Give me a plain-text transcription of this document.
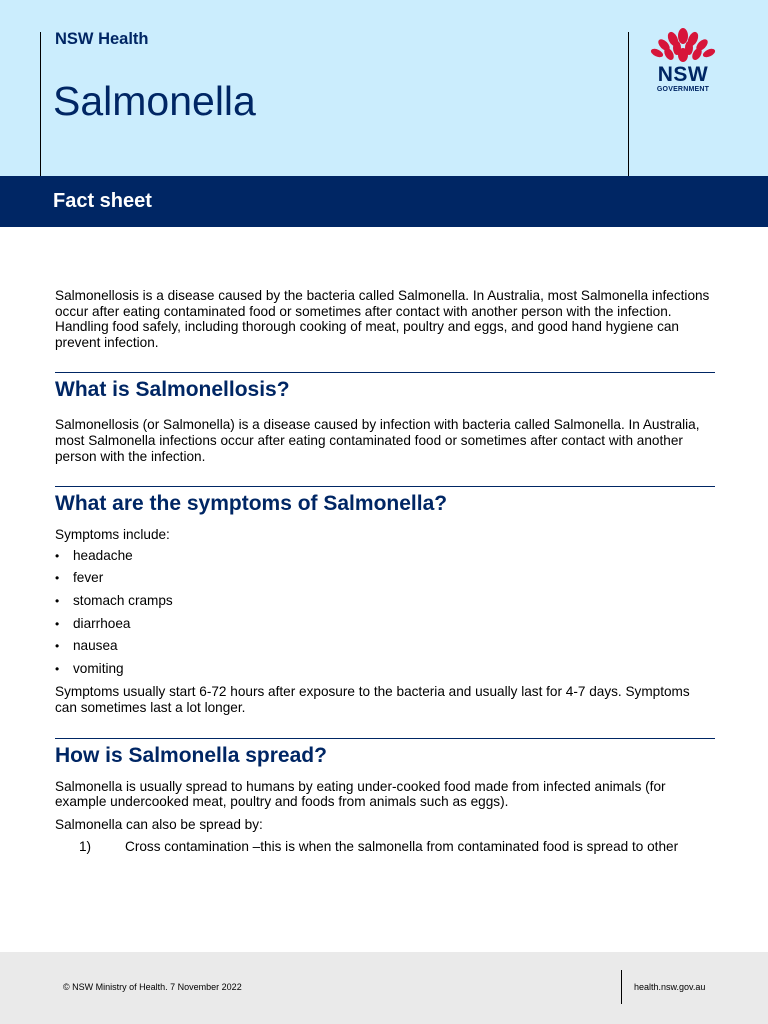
NSW Health
Salmonella
NSW
GOVERNMENT
Fact sheet

Salmonellosis is a disease caused by the bacteria called Salmonella. In Australia, most Salmonella infections occur after eating contaminated food or sometimes after contact with another person with the infection. Handling food safely, including thorough cooking of meat, poultry and eggs, and good hand hygiene can prevent infection.

What is Salmonellosis?

Salmonellosis (or Salmonella) is a disease caused by infection with bacteria called Salmonella. In Australia, most Salmonella infections occur after eating contaminated food or sometimes after contact with another person with the infection.

What are the symptoms of Salmonella?

Symptoms include:

• headache
• fever
• stomach cramps
• diarrhoea
• nausea
• vomiting

Symptoms usually start 6-72 hours after exposure to the bacteria and usually last for 4-7 days. Symptoms can sometimes last a lot longer.

How is Salmonella spread?

Salmonella is usually spread to humans by eating under-cooked food made from infected animals (for example undercooked meat, poultry and foods from animals such as eggs).

Salmonella can also be spread by:

1)	Cross contamination –this is when the salmonella from contaminated food is spread to other
© NSW Ministry of Health. 7 November 2022	health.nsw.gov.au
